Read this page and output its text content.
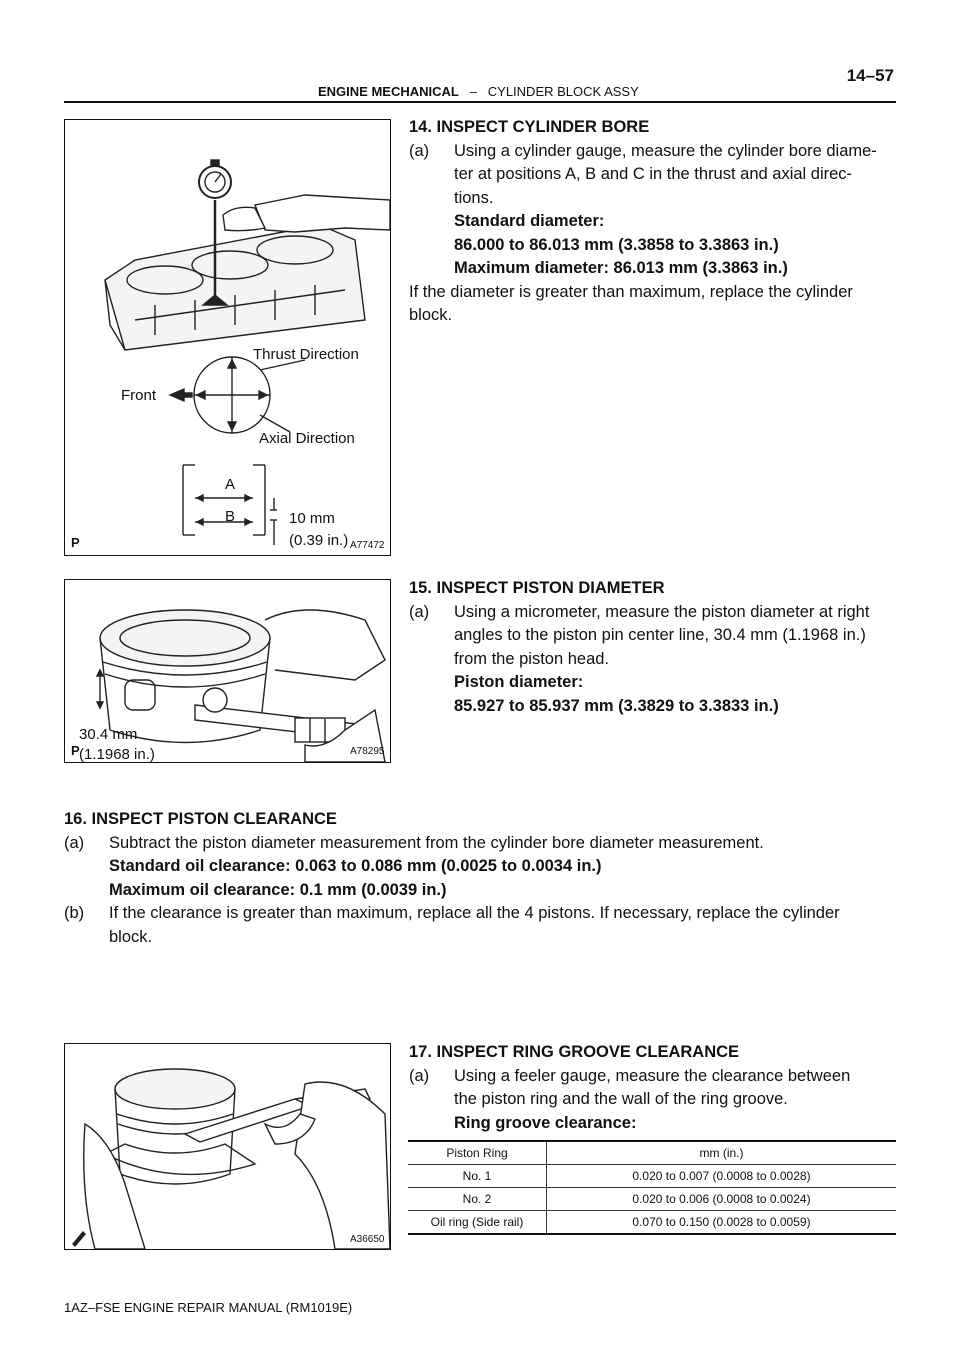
ENGINE MECHANICAL – CYLINDER BLOCK ASSY
14–57
Thrust Direction
Front
Axial Direction
A
B	10 mm
(0.39 in.)
P	A77472
30.4 mm
(1.1968 in.)
P	A78295
A36650
14. INSPECT CYLINDER BORE
(a) Using a cylinder gauge, measure the cylinder bore diame-
ter at positions A, B and C in the thrust and axial direc-
tions.
Standard diameter:
86.000 to 86.013 mm (3.3858 to 3.3863 in.)
Maximum diameter: 86.013 mm (3.3863 in.)
If the diameter is greater than maximum, replace the cylinder
block.
15. INSPECT PISTON DIAMETER
(a) Using a micrometer, measure the piston diameter at right
angles to the piston pin center line, 30.4 mm (1.1968 in.)
from the piston head.
Piston diameter:
85.927 to 85.937 mm (3.3829 to 3.3833 in.)
16. INSPECT PISTON CLEARANCE
(a) Subtract the piston diameter measurement from the cylinder bore diameter measurement.
Standard oil clearance: 0.063 to 0.086 mm (0.0025 to 0.0034 in.)
Maximum oil clearance: 0.1 mm (0.0039 in.)
(b) If the clearance is greater than maximum, replace all the 4 pistons. If necessary, replace the cylinder
block.
17. INSPECT RING GROOVE CLEARANCE
(a) Using a feeler gauge, measure the clearance between
the piston ring and the wall of the ring groove.
Ring groove clearance:
Piston Ring	mm (in.)
No. 1	0.020 to 0.007 (0.0008 to 0.0028)
No. 2	0.020 to 0.006 (0.0008 to 0.0024)
Oil ring (Side rail)	0.070 to 0.150 (0.0028 to 0.0059)
1AZ–FSE ENGINE REPAIR MANUAL (RM1019E)
